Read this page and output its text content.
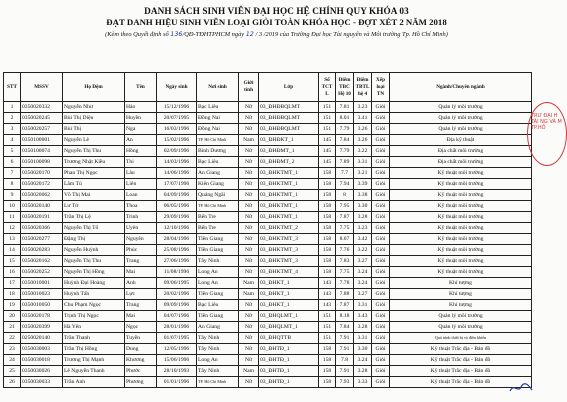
DANH SÁCH SINH VIÊN ĐẠI HỌC HỆ CHÍNH QUY KHÓA 03
ĐẠT DANH HIỆU SINH VIÊN LOẠI GIỎI TOÀN KHÓA HỌC - ĐỢT XÉT 2 NĂM 2018
(Kèm theo Quyết định số 136/QĐ-TĐHTPHCM ngày 12 / 3 /2019 của Trường Đại học Tài nguyên và Môi trường Tp. Hồ Chí Minh)
STT	MSSV	Họ Đệm	Tên	Ngày sinh	Nơi sinh	Giới tính	Lớp	Số TCT L	Điểm TBC Hệ 10	Điểm TBTL hệ 4	Xếp loại TN	Ngành/Chuyên ngành
1	0350020332	Nguyễn Như	Hảo	15/12/1996	Bạc Liêu	Nữ	03_ĐHĐBQLMT	151	7.81	3.23	Giỏi	Quản lý môi trường
2	0350020245	Bùi Thị Diệu	Huyền	20/07/1995	Đồng Nai	Nữ	03_ĐHĐBQLMT	151	8.01	3.41	Giỏi	Quản lý môi trường
3	0350020257	Bùi Thị	Nga	16/03/1996	Đồng Nai	Nữ	03_ĐHĐBQLMT	151	7.79	3.26	Giỏi	Quản lý môi trường
4	0350100001	Nguyễn Lê	An	15/02/1996	TP. Hồ Chí Minh	Nam	03_ĐHĐKT_1	145	7.84	3.26	Giỏi	Địa kỹ thuật
5	0350100074	Nguyễn Thị Thu	Hồng	02/09/1996	Bình Dương	Nữ	03_ĐHĐMT_1	145	7.79	3.22	Giỏi	Địa chất môi trường
6	0350100098	Trương Nhật Kiều	Thi	14/03/1996	Bạc Liêu	Nữ	03_ĐHĐMT_2	145	7.89	3.31	Giỏi	Địa chất môi trường
7	0350020170	Phan Thị Ngọc	Lâu	14/06/1996	An Giang	Nữ	03_ĐHKTMT_1	158	7.7	3.21	Giỏi	Kỹ thuật môi trường
8	0350020172	Lâm Tú	Liên	17/07/1996	Kiên Giang	Nữ	03_ĐHKTMT_1	158	7.94	3.39	Giỏi	Kỹ thuật môi trường
9	0350020062	Võ Thị Mai	Loan	04/09/1996	Quảng Ngãi	Nữ	03_ĐHKTMT_1	158	8	3.38	Giỏi	Kỹ thuật môi trường
10	0350020140	Lư Tử	Thoa	06/05/1996	TP. Hồ Chí Minh	Nữ	03_ĐHKTMT_1	158	7.95	3.30	Giỏi	Kỹ thuật môi trường
11	0350020191	Trần Thị Lệ	Trinh	29/09/1996	Bến Tre	Nữ	03_ĐHKTMT_1	158	7.87	3.28	Giỏi	Kỹ thuật môi trường
12	0350020366	Nguyễn Thị Tố	Uyên	12/10/1996	Bến Tre	Nữ	03_ĐHKTMT_2	158	7.75	3.23	Giỏi	Kỹ thuật môi trường
13	0350020277	Đặng Thị	Nguyên	28/04/1996	Tiền Giang	Nữ	03_ĐHKTMT_3	158	8.07	3.42	Giỏi	Kỹ thuật môi trường
14	0350020283	Nguyễn Huỳnh	Phúc	25/08/1996	Tiền Giang	Nữ	03_ĐHKTMT_3	158	7.76	3.22	Giỏi	Kỹ thuật môi trường
15	0350020162	Nguyễn Thị Thu	Trang	27/06/1996	Tây Ninh	Nữ	03_ĐHKTMT_3	158	7.83	3.27	Giỏi	Kỹ thuật môi trường
16	0350020252	Nguyễn Thị Hồng	Mai	11/08/1996	Long An	Nữ	03_ĐHKTMT_4	158	7.75	3.24	Giỏi	Kỹ thuật môi trường
17	0350010001	Huỳnh Đại Hoàng	Anh	09/06/1995	Long An	Nam	03_ĐHKT_1	143	7.78	3.24	Giỏi	Khí tượng
18	0350010023	Huỳnh Tấn	Lực	20/02/1996	Tiền Giang	Nam	03_ĐHKT_1	143	7.88	3.27	Giỏi	Khí tượng
19	0350010050	Chu Phạm Ngọc	Trang	09/09/1996	Bạc Liêu	Nữ	03_ĐHKT_1	143	7.87	3.31	Giỏi	Khí tượng
20	0350020178	Trịnh Thị Ngọc	Mai	04/07/1996	Tiền Giang	Nữ	03_ĐHQLMT_1	151	8.18	3.43	Giỏi	Quản lý môi trường
21	0350020399	Hà Yên	Ngọc	28/01/1996	An Giang	Nữ	03_ĐHQLMT_1	151	7.84	3.28	Giỏi	Quản lý môi trường
22	0250020140	Trần Thanh	Tuyền	01/07/1995	Tây Ninh	Nữ	03_ĐHQTTB	151	7.91	3.31	Giỏi	Quá trình thiết bị và điều khiển
23	0350030003	Trần Thị Hồng	Dung	12/05/1996	Tây Ninh	Nữ	03_ĐHTĐ_1	158	7.91	3.30	Giỏi	Kỹ thuật Trắc địa - Bản đồ
24	0350030018	Trương Thị Mạnh	Khương	15/06/1996	Long An	Nữ	03_ĐHTĐ_1	158	7.8	3.24	Giỏi	Kỹ thuật Trắc địa - Bản đồ
25	0350030026	Lê Nguyễn Thanh	Phước	28/10/1993	Tây Ninh	Nam	03_ĐHTĐ_1	158	7.91	3.28	Giỏi	Kỹ thuật Trắc địa - Bản đồ
26	0350030033	Trần Anh	Phương	01/01/1996	TP. Hồ Chí Minh	Nữ	03_ĐHTĐ_1	158	7.93	3.33	Giỏi	Kỹ thuật Trắc địa - Bản đồ
TRƯ ĐẠI H TÀI NG VÀ M TP.HỒ
